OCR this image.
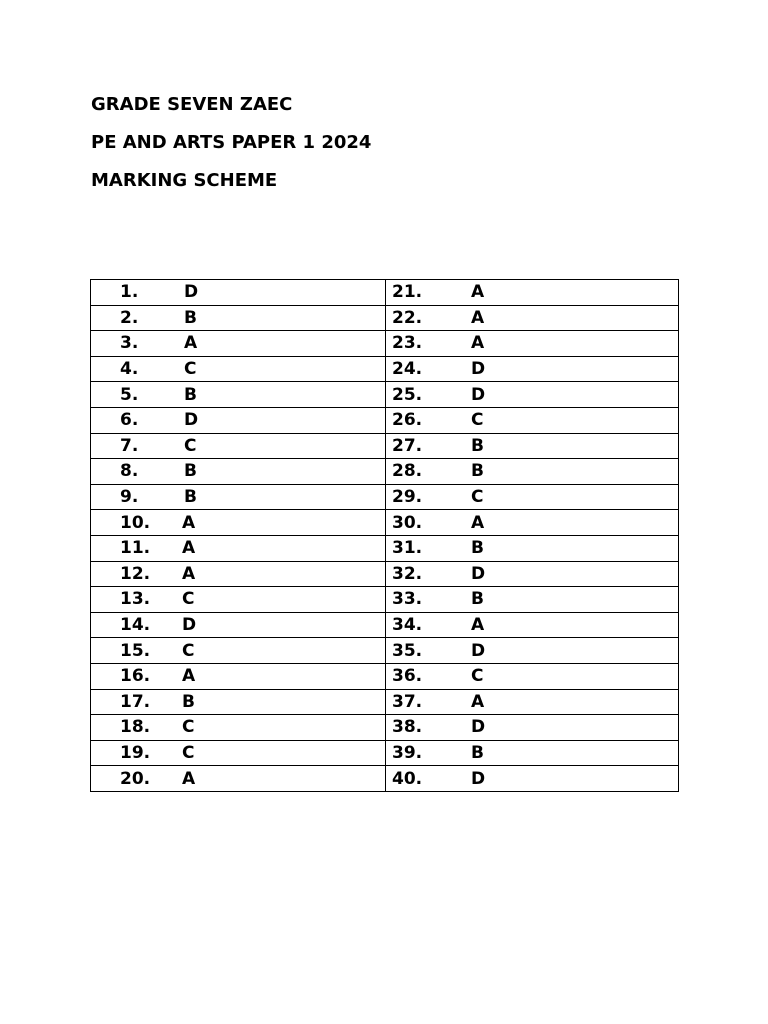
GRADE SEVEN ZAEC
PE AND ARTS PAPER 1 2024
MARKING SCHEME
1. D	21. A
2. B	22. A
3. A	23. A
4. C	24. D
5. B	25. D
6. D	26. C
7. C	27. B
8. B	28. B
9. B	29. C
10. A	30. A
11. A	31. B
12. A	32. D
13. C	33. B
14. D	34. A
15. C	35. D
16. A	36. C
17. B	37. A
18. C	38. D
19. C	39. B
20. A	40. D
